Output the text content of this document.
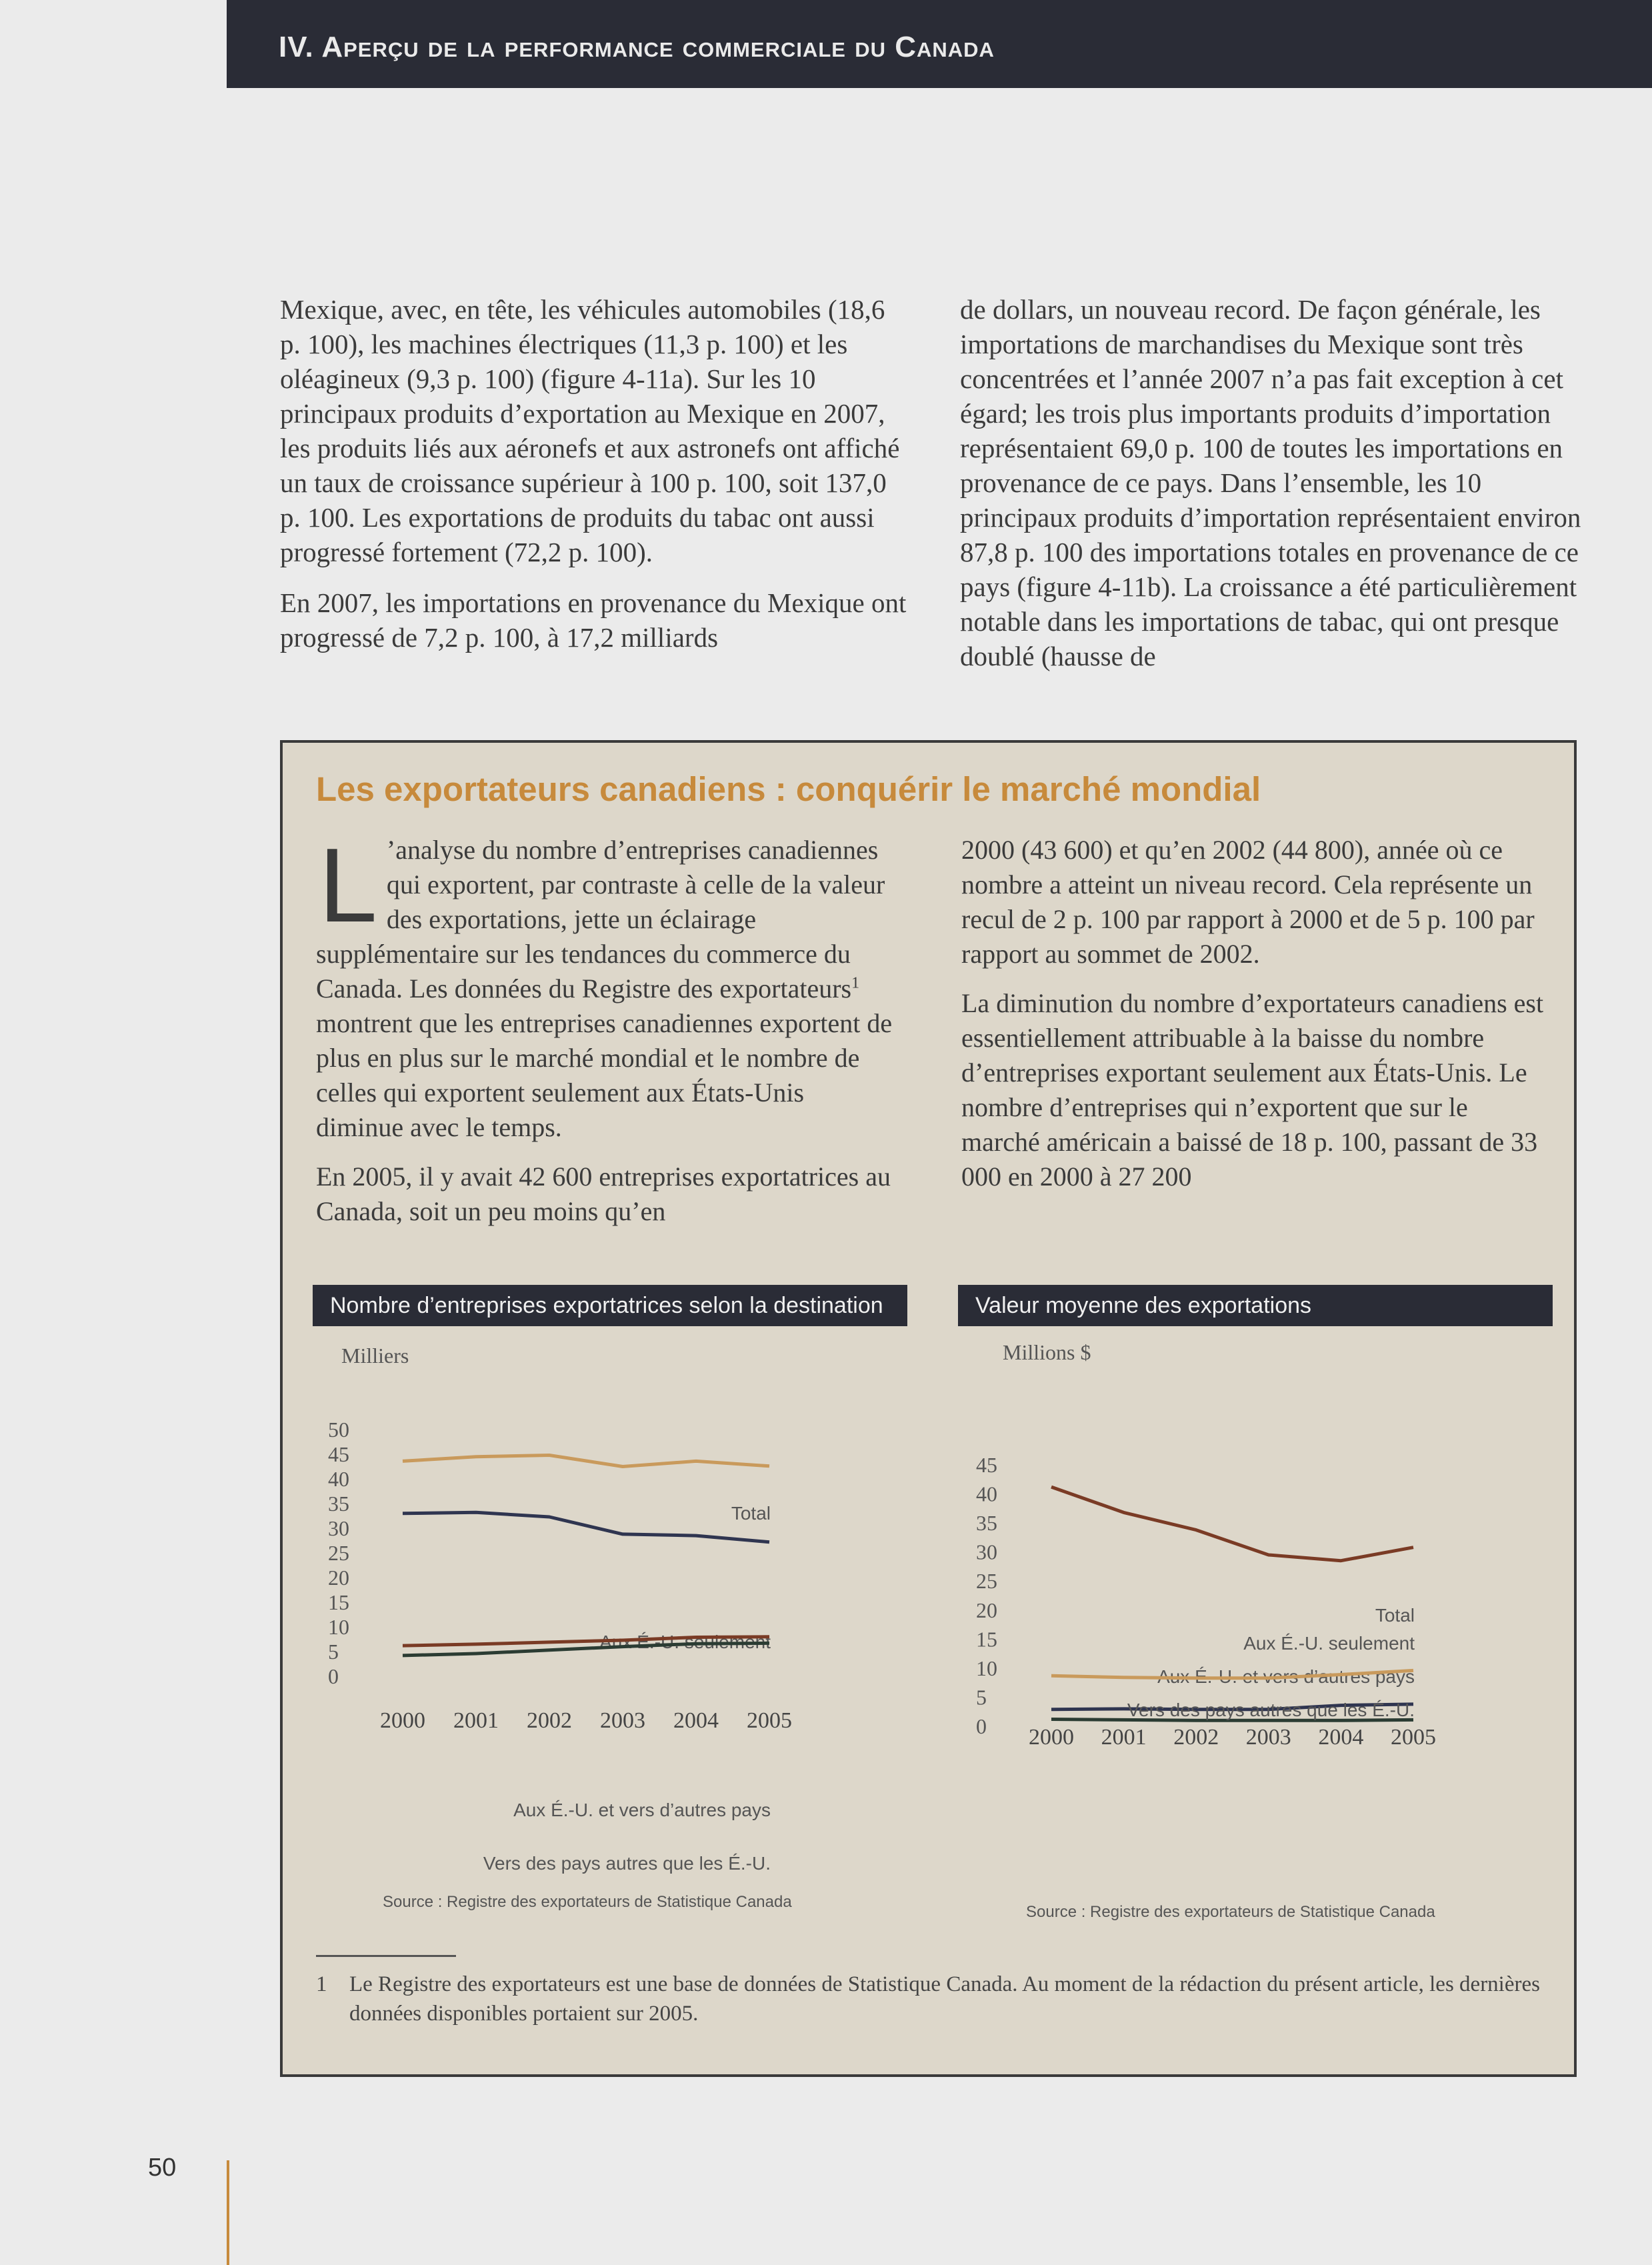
IV. Aperçu de la performance commerciale du Canada

Mexique, avec, en tête, les véhicules automobiles (18,6 p. 100), les machines électriques (11,3 p. 100) et les oléagineux (9,3 p. 100) (figure 4-11a). Sur les 10 principaux produits d’exportation au Mexique en 2007, les produits liés aux aéronefs et aux astronefs ont affiché un taux de croissance supérieur à 100 p. 100, soit 137,0 p. 100. Les exportations de produits du tabac ont aussi progressé fortement (72,2 p. 100).

En 2007, les importations en provenance du Mexique ont progressé de 7,2 p. 100, à 17,2 milliards

de dollars, un nouveau record. De façon générale, les importations de marchandises du Mexique sont très concentrées et l’année 2007 n’a pas fait exception à cet égard; les trois plus importants produits d’importation représentaient 69,0 p. 100 de toutes les importations en provenance de ce pays. Dans l’ensemble, les 10 principaux produits d’importation représentaient environ 87,8 p. 100 des importations totales en provenance de ce pays (figure 4-11b). La croissance a été particulièrement notable dans les importations de tabac, qui ont presque doublé (hausse de

Les exportateurs canadiens : conquérir le marché mondial

L ’analyse du nombre d’entreprises canadiennes qui exportent, par contraste à celle de la valeur des exportations, jette un éclairage supplémentaire sur les tendances du commerce du Canada. Les données du Registre des exportateurs$^1$ montrent que les entreprises canadiennes exportent de plus en plus sur le marché mondial et le nombre de celles qui exportent seulement aux États-Unis diminue avec le temps.

En 2005, il y avait 42 600 entreprises exportatrices au Canada, soit un peu moins qu’en

2000 (43 600) et qu’en 2002 (44 800), année où ce nombre a atteint un niveau record. Cela représente un recul de 2 p. 100 par rapport à 2000 et de 5 p. 100 par rapport au sommet de 2002.

La diminution du nombre d’exportateurs canadiens est essentiellement attribuable à la baisse du nombre d’entreprises exportant seulement aux États-Unis. Le nombre d’entreprises qui n’exportent que sur le marché américain a baissé de 18 p. 100, passant de 33 000 en 2000 à 27 200

Nombre d’entreprises exportatrices selon la destination
Milliers
0
5
10
15
20
25
30
35
40
45
50
2000 2001 2002 2003 2004 2005
Total
Aux É.-U. seulement
Aux É.-U. et vers d’autres pays
Vers des pays autres que les É.-U.
Source : Registre des exportateurs de Statistique Canada
Valeur moyenne des exportations
Millions $
0
5
10
15
20
25
30
35
40
45
2000 2001 2002 2003 2004 2005
Aux É.-U. et vers d’autres pays
Total
Aux É.-U. seulement
Vers des pays autres que les É.-U.
Source : Registre des exportateurs de Statistique Canada
1 Le Registre des exportateurs est une base de données de Statistique Canada. Au moment de la rédaction du présent article, les dernières données disponibles portaient sur 2005.
50
